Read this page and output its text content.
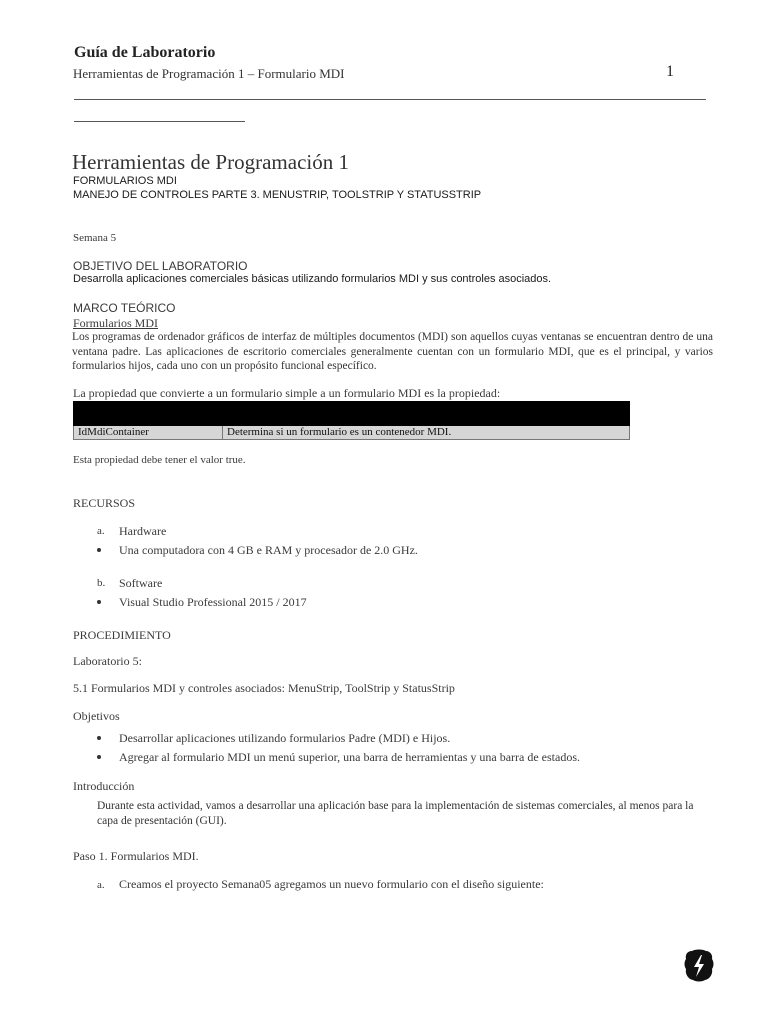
Guía de Laboratorio
Herramientas de Programación 1 – Formulario MDI	1
Herramientas de Programación 1
FORMULARIOS MDI
MANEJO DE CONTROLES PARTE 3. MENUSTRIP, TOOLSTRIP Y STATUSSTRIP
Semana 5
OBJETIVO DEL LABORATORIO
Desarrolla aplicaciones comerciales básicas utilizando formularios MDI y sus controles asociados.
MARCO TEÓRICO
Formularios MDI
Los programas de ordenador gráficos de interfaz de múltiples documentos (MDI) son aquellos cuyas ventanas se encuentran dentro de una ventana padre. Las aplicaciones de escritorio comerciales generalmente cuentan con un formulario MDI, que es el principal, y varios formularios hijos, cada uno con un propósito funcional específico.
La propiedad que convierte a un formulario simple a un formulario MDI es la propiedad:

IdMdiContainer	Determina si un formulario es un contenedor MDI.
Esta propiedad debe tener el valor true.
RECURSOS
a. Hardware
Una computadora con 4 GB e RAM y procesador de 2.0 GHz.
b. Software
Visual Studio Professional 2015 / 2017
PROCEDIMIENTO
Laboratorio 5:
5.1 Formularios MDI y controles asociados: MenuStrip, ToolStrip y StatusStrip
Objetivos
Desarrollar aplicaciones utilizando formularios Padre (MDI) e Hijos.
Agregar al formulario MDI un menú superior, una barra de herramientas y una barra de estados.
Introducción
Durante esta actividad, vamos a desarrollar una aplicación base para la implementación de sistemas comerciales, al menos para la capa de presentación (GUI).
Paso 1. Formularios MDI.
a. Creamos el proyecto Semana05 agregamos un nuevo formulario con el diseño siguiente:
